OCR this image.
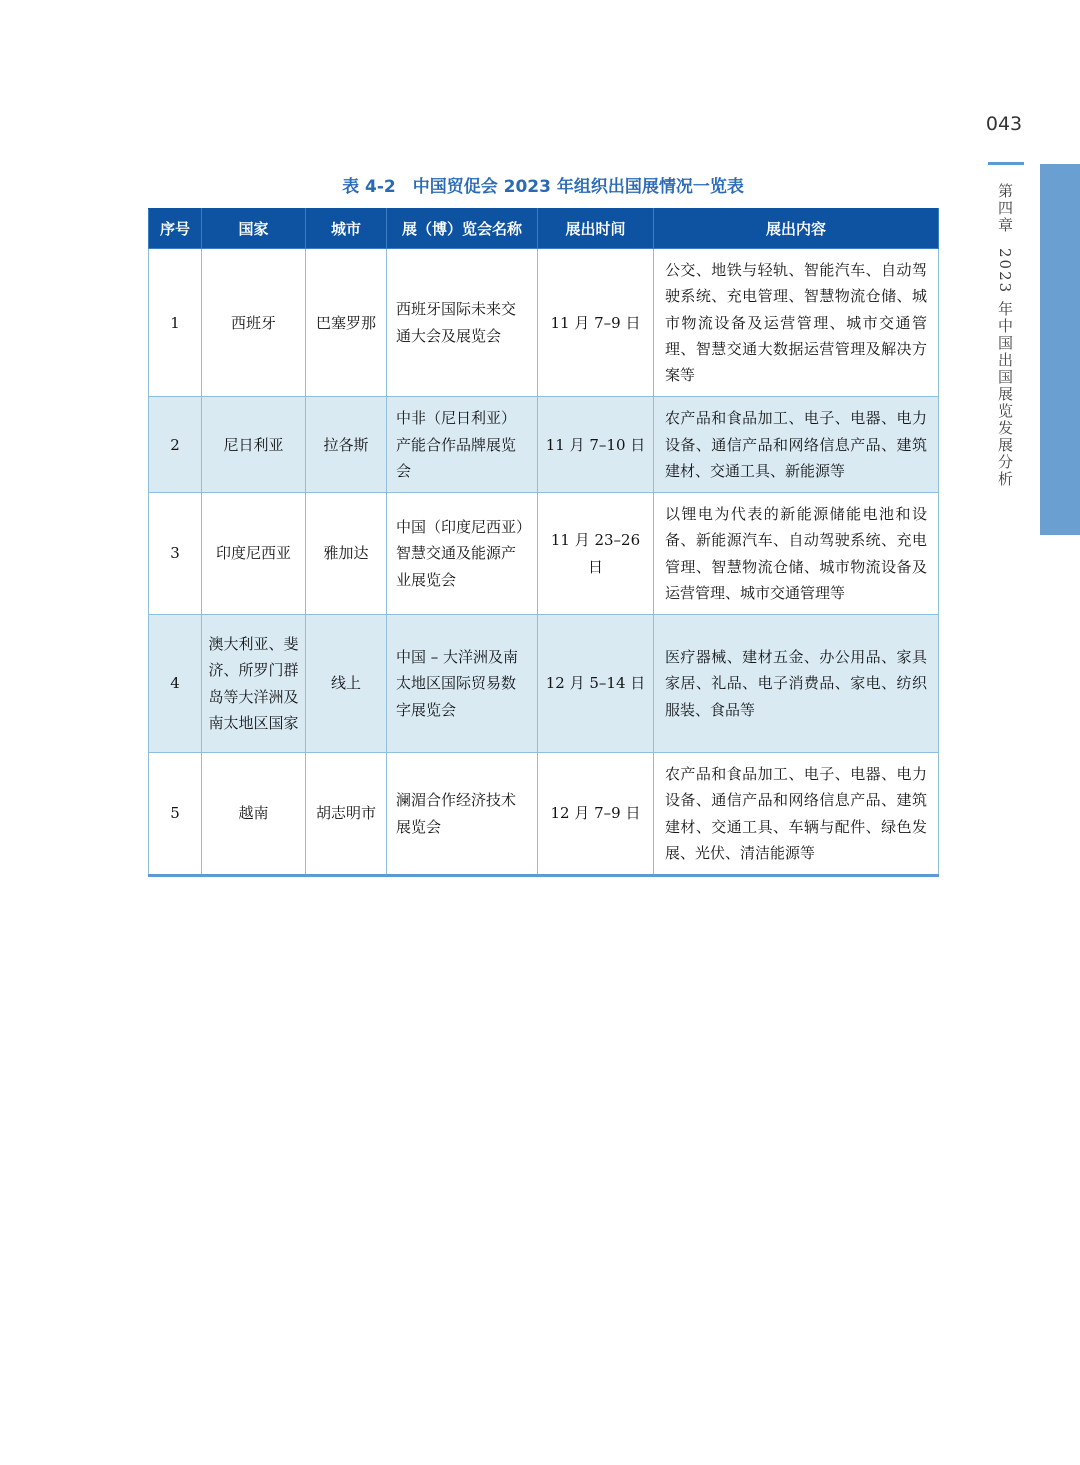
043
第四章2023 年中国出国展览发展分析
表 4-2　中国贸促会 2023 年组织出国展情况一览表
序号	国家	城市	展（博）览会名称	展出时间	展出内容
1	西班牙	巴塞罗那	西班牙国际未来交通大会及展览会	11 月 7–9 日	公交、地铁与轻轨、智能汽车、自动驾驶系统、充电管理、智慧物流仓储、城市物流设备及运营管理、城市交通管理、智慧交通大数据运营管理及解决方案等
2	尼日利亚	拉各斯	中非（尼日利亚）产能合作品牌展览会	11 月 7–10 日	农产品和食品加工、电子、电器、电力设备、通信产品和网络信息产品、建筑建材、交通工具、新能源等
3	印度尼西亚	雅加达	中国（印度尼西亚）智慧交通及能源产业展览会	11 月 23–26 日	以锂电为代表的新能源储能电池和设备、新能源汽车、自动驾驶系统、充电管理、智慧物流仓储、城市物流设备及运营管理、城市交通管理等
4	澳大利亚、斐济、所罗门群岛等大洋洲及南太地区国家	线上	中国 – 大洋洲及南太地区国际贸易数字展览会	12 月 5–14 日	医疗器械、建材五金、办公用品、家具家居、礼品、电子消费品、家电、纺织服装、食品等
5	越南	胡志明市	澜湄合作经济技术展览会	12 月 7–9 日	农产品和食品加工、电子、电器、电力设备、通信产品和网络信息产品、建筑建材、交通工具、车辆与配件、绿色发展、光伏、清洁能源等
